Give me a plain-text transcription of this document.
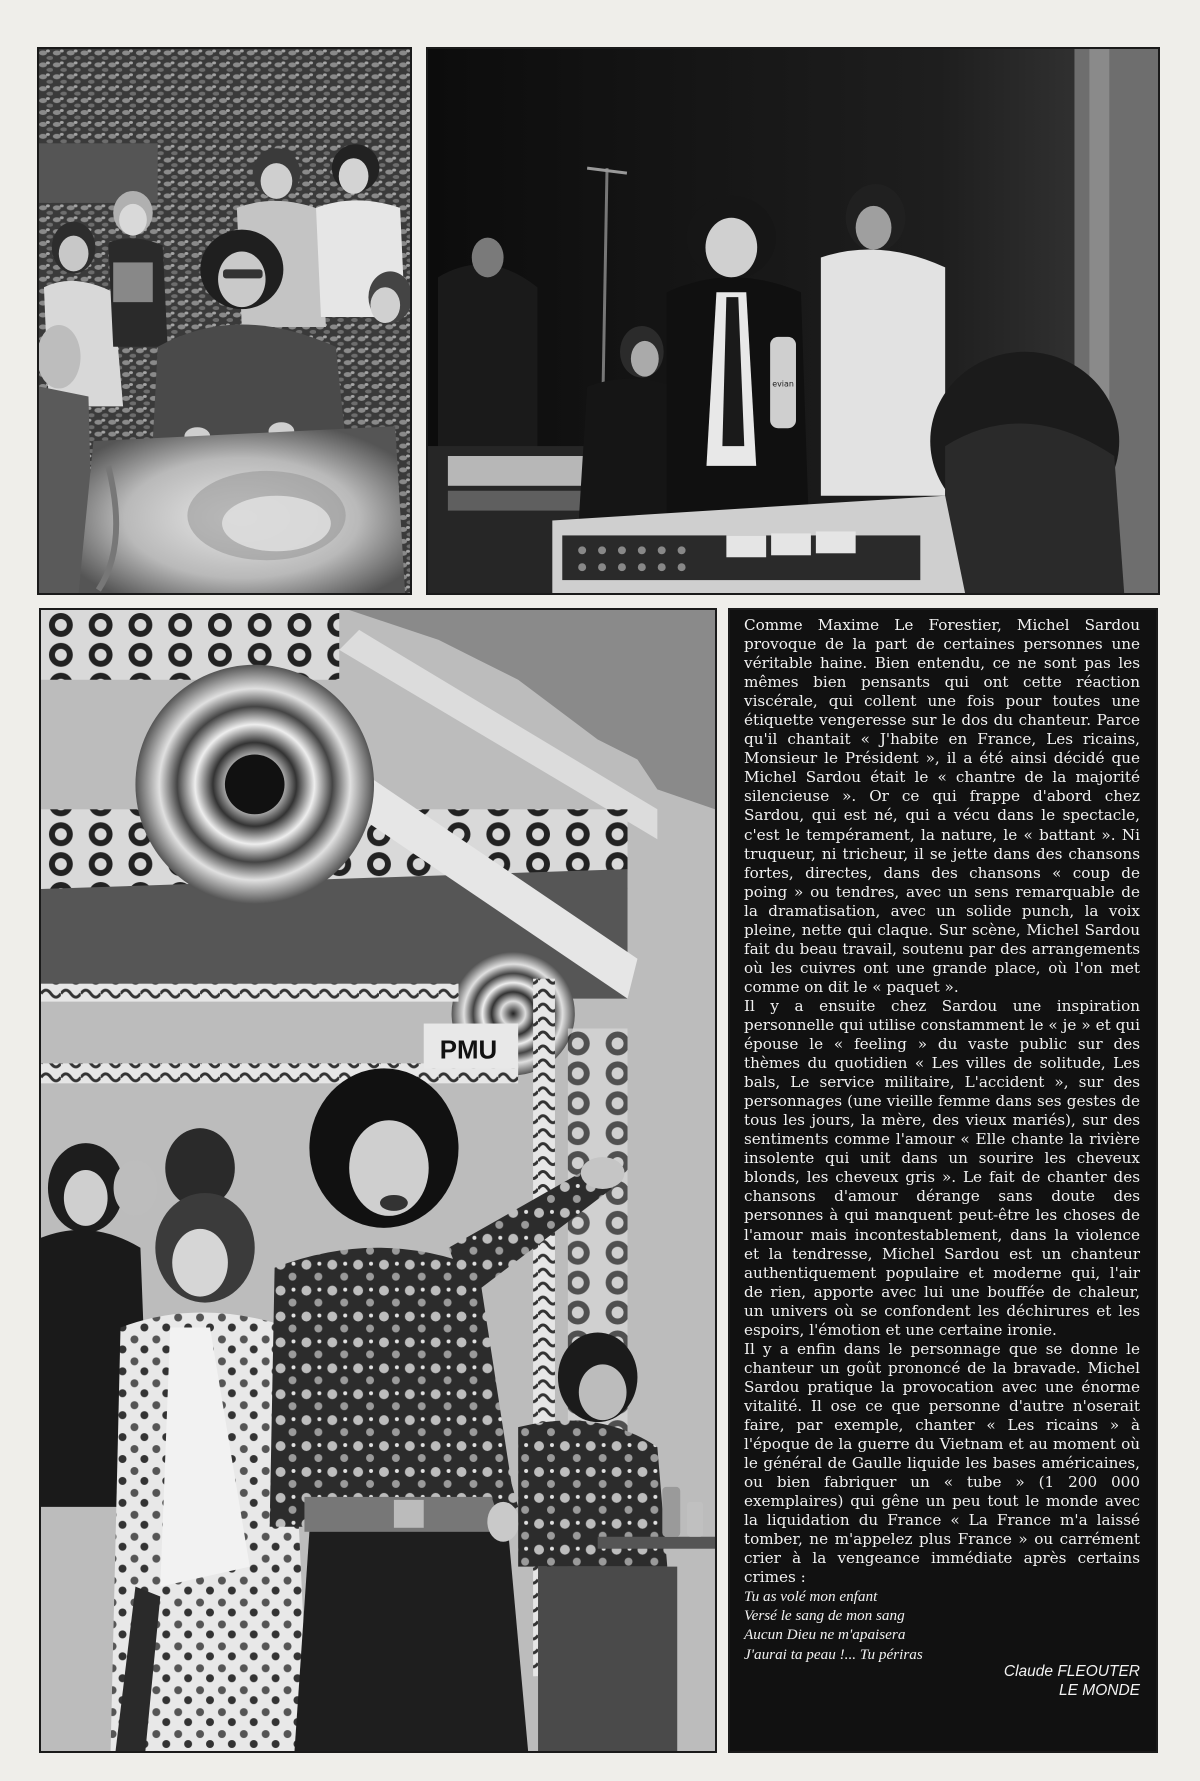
evian
PMU

Comme Maxime Le Forestier, Michel Sardou provoque de la part de certaines personnes une véritable haine. Bien entendu, ce ne sont pas les mêmes bien pensants qui ont cette réaction viscérale, qui collent une fois pour toutes une étiquette vengeresse sur le dos du chanteur. Parce qu'il chantait « J'habite en France, Les ricains, Monsieur le Président », il a été ainsi décidé que Michel Sardou était le « chantre de la majorité silencieuse ». Or ce qui frappe d'abord chez Sardou, qui est né, qui a vécu dans le spectacle, c'est le tempérament, la nature, le « battant ». Ni truqueur, ni tricheur, il se jette dans des chansons fortes, directes, dans des chansons « coup de poing » ou tendres, avec un sens remarquable de la dramatisation, avec un solide punch, la voix pleine, nette qui claque. Sur scène, Michel Sardou fait du beau travail, soutenu par des arrangements où les cuivres ont une grande place, où l'on met comme on dit le « paquet ».

Il y a ensuite chez Sardou une inspiration personnelle qui utilise constamment le « je » et qui épouse le « feeling » du vaste public sur des thèmes du quotidien « Les villes de solitude, Les bals, Le service militaire, L'accident », sur des personnages (une vieille femme dans ses gestes de tous les jours, la mère, des vieux mariés), sur des sentiments comme l'amour « Elle chante la rivière insolente qui unit dans un sourire les cheveux blonds, les cheveux gris ». Le fait de chanter des chansons d'amour dérange sans doute des personnes à qui manquent peut-être les choses de l'amour mais incontestablement, dans la violence et la tendresse, Michel Sardou est un chanteur authentiquement populaire et moderne qui, l'air de rien, apporte avec lui une bouffée de chaleur, un univers où se confondent les déchirures et les espoirs, l'émotion et une certaine ironie.

Il y a enfin dans le personnage que se donne le chanteur un goût prononcé de la bravade. Michel Sardou pratique la provocation avec une énorme vitalité. Il ose ce que personne d'autre n'oserait faire, par exemple, chanter « Les ricains » à l'époque de la guerre du Vietnam et au moment où le général de Gaulle liquide les bases américaines, ou bien fabriquer un « tube » (1 200 000 exemplaires) qui gêne un peu tout le monde avec la liquidation du France « La France m'a laissé tomber, ne m'appelez plus France » ou carrément crier à la vengeance immédiate après certains crimes :

Tu as volé mon enfant
Versé le sang de mon sang
Aucun Dieu ne m'apaisera
J'aurai ta peau !... Tu périras
Claude FLEOUTER
LE MONDE
